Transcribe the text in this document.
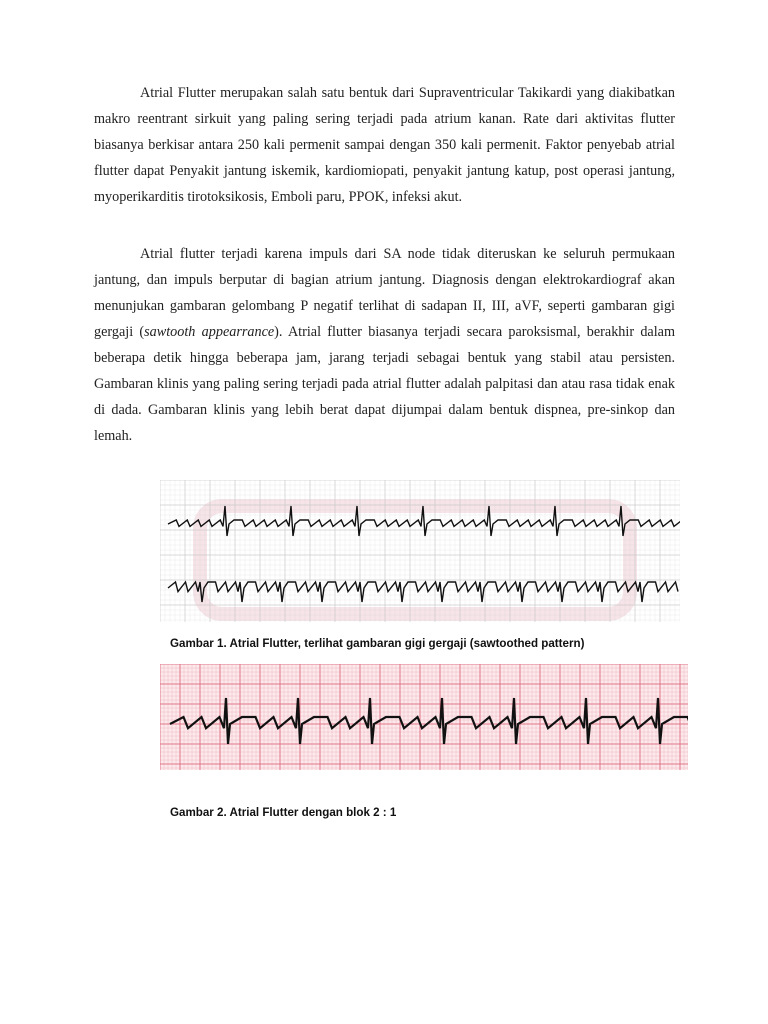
Atrial Flutter merupakan salah satu bentuk dari Supraventricular Takikardi yang diakibatkan makro reentrant sirkuit yang paling sering terjadi pada atrium kanan. Rate dari aktivitas flutter biasanya berkisar antara 250 kali permenit sampai dengan 350 kali permenit. Faktor penyebab atrial flutter dapat Penyakit jantung iskemik, kardiomiopati, penyakit jantung katup, post operasi jantung, myoperikarditis tirotoksikosis, Emboli paru, PPOK, infeksi akut.

Atrial flutter terjadi karena impuls dari SA node tidak diteruskan ke seluruh permukaan jantung, dan impuls berputar di bagian atrium jantung. Diagnosis dengan elektrokardiograf akan menunjukan gambaran gelombang P negatif terlihat di sadapan II, III, aVF, seperti gambaran gigi gergaji (sawtooth appearrance). Atrial flutter biasanya terjadi secara paroksismal, berakhir dalam beberapa detik hingga beberapa jam, jarang terjadi sebagai bentuk yang stabil atau persisten. Gambaran klinis yang paling sering terjadi pada atrial flutter adalah palpitasi dan atau rasa tidak enak di dada. Gambaran klinis yang lebih berat dapat dijumpai dalam bentuk dispnea, pre-sinkop dan lemah.

Gambar 1. Atrial Flutter, terlihat gambaran gigi gergaji (sawtoothed pattern)
Gambar 2. Atrial Flutter dengan blok 2 : 1
